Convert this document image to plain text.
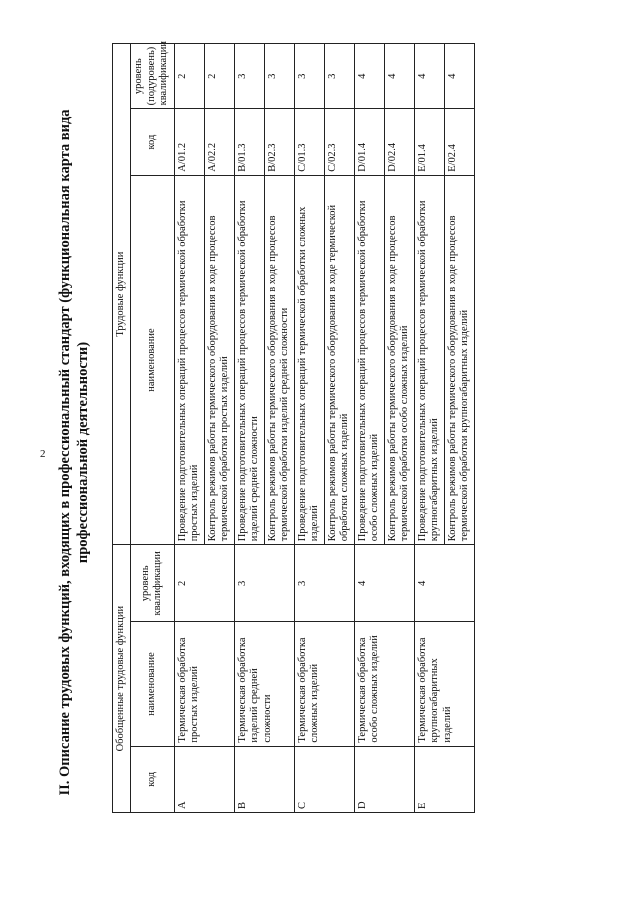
2 II. Описание трудовых функций, входящих в профессиональный стандарт (функциональная карта вида профессиональной деятельности)
Обобщенные трудовые функции			Трудовые функции		
код	наименование	уровень квалификации	наименование	код	уровень (подуровень) квалификации
A	Термическая обработка простых изделий	2	Проведение подготовительных операций процессов термической обработки простых изделий	A/01.2	2
			Контроль режимов работы термического оборудования в ходе процессов термической обработки простых изделий	A/02.2	2
B	Термическая обработка изделий средней сложности	3	Проведение подготовительных операций процессов термической обработки изделий средней сложности	B/01.3	3
			Контроль режимов работы термического оборудования в ходе процессов термической обработки изделий средней сложности	B/02.3	3
C	Термическая обработка сложных изделий	3	Проведение подготовительных операций термической обработки сложных изделий	C/01.3	3
			Контроль режимов работы термического оборудования в ходе термической обработки сложных изделий	C/02.3	3
D	Термическая обработка особо сложных изделий	4	Проведение подготовительных операций процессов термической обработки особо сложных изделий	D/01.4	4
			Контроль режимов работы термического оборудования в ходе процессов термической обработки особо сложных изделий	D/02.4	4
E	Термическая обработка крупногабаритных изделий	4	Проведение подготовительных операций процессов термической обработки крупногабаритных изделий	E/01.4	4
			Контроль режимов работы термического оборудования в ходе процессов термической обработки крупногабаритных изделий	E/02.4	4
